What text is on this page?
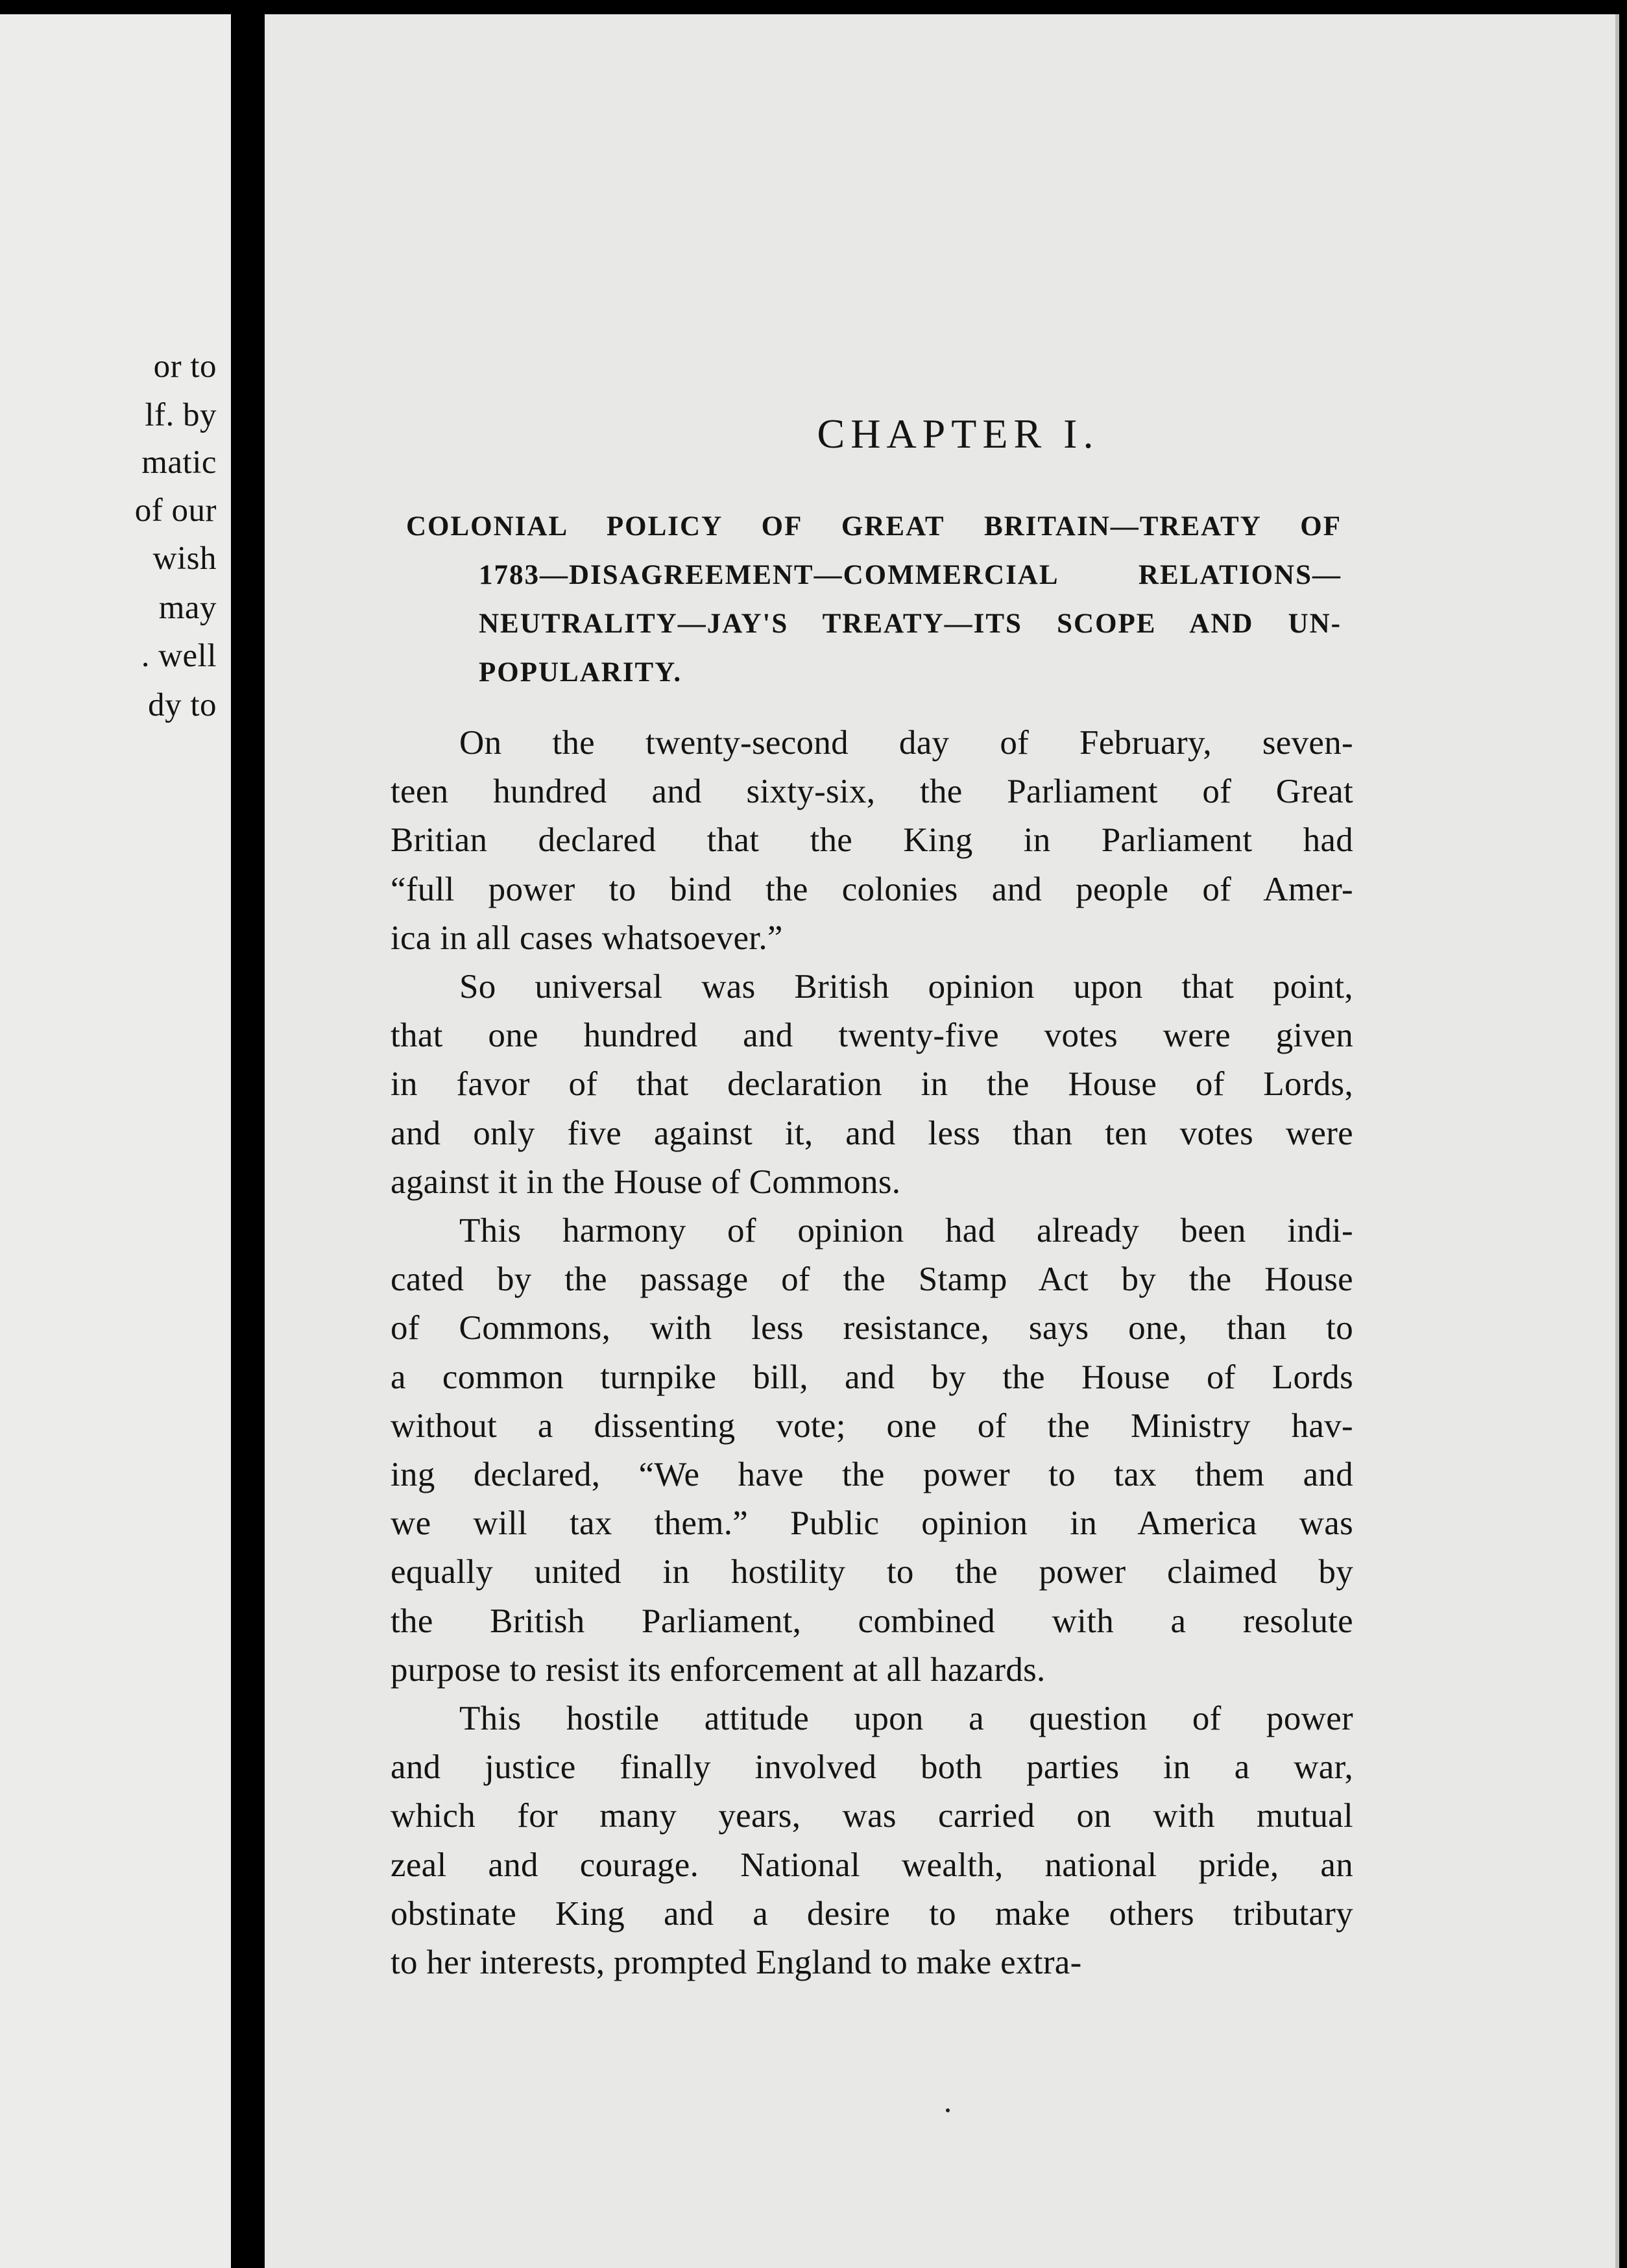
or to
lf. by
matic
of our
wish
may
. well
dy to
CHAPTER I.
COLONIAL POLICY OF GREAT BRITAIN—TREATY OF
1783—DISAGREEMENT—COMMERCIAL RELATIONS—
NEUTRALITY—JAY'S TREATY—ITS SCOPE AND UN-
POPULARITY.
On the twenty-second day of February, seven-
teen hundred and sixty-six, the Parliament of Great
Britian declared that the King in Parliament had
“full power to bind the colonies and people of Amer-
ica in all cases whatsoever.”
So universal was British opinion upon that point,
that one hundred and twenty-five votes were given
in favor of that declaration in the House of Lords,
and only five against it, and less than ten votes were
against it in the House of Commons.
This harmony of opinion had already been indi-
cated by the passage of the Stamp Act by the House
of Commons, with less resistance, says one, than to
a common turnpike bill, and by the House of Lords
without a dissenting vote; one of the Ministry hav-
ing declared, “We have the power to tax them and
we will tax them.” Public opinion in America was
equally united in hostility to the power claimed by
the British Parliament, combined with a resolute
purpose to resist its enforcement at all hazards.
This hostile attitude upon a question of power
and justice finally involved both parties in a war,
which for many years, was carried on with mutual
zeal and courage. National wealth, national pride, an
obstinate King and a desire to make others tributary
to her interests, prompted England to make extra-
